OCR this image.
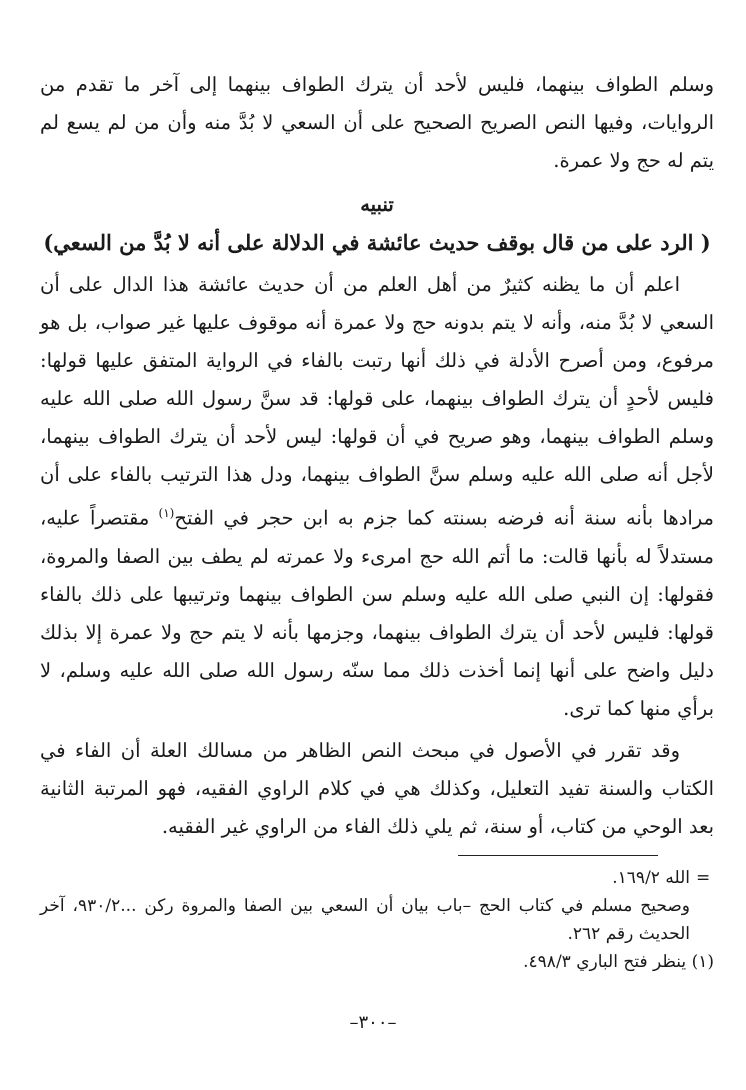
وسلم الطواف بينهما، فليس لأحد أن يترك الطواف بينهما إلى آخر ما تقدم من الروايات، وفيها النص الصريح الصحيح على أن السعي لا بُدَّ منه وأن من لم يسع لم يتم له حج ولا عمرة.

تنبيه
( الرد على من قال بوقف حديث عائشة في الدلالة على أنه لا بُدَّ من السعي)

اعلم أن ما يظنه كثيرٌ من أهل العلم من أن حديث عائشة هذا الدال على أن السعي لا بُدَّ منه، وأنه لا يتم بدونه حج ولا عمرة أنه موقوف عليها غير صواب، بل هو مرفوع، ومن أصرح الأدلة في ذلك أنها رتبت بالفاء في الرواية المتفق عليها قولها: فليس لأحدٍ أن يترك الطواف بينهما، على قولها: قد سنَّ رسول الله صلى الله عليه وسلم الطواف بينهما، وهو صريح في أن قولها: ليس لأحد أن يترك الطواف بينهما، لأجل أنه صلى الله عليه وسلم سنَّ الطواف بينهما، ودل هذا الترتيب بالفاء على أن مرادها بأنه سنة أنه فرضه بسنته كما جزم به ابن حجر في الفتح$^{(١)}$ مقتصراً عليه، مستدلاً له بأنها قالت: ما أتم الله حج امرىء ولا عمرته لم يطف بين الصفا والمروة، فقولها: إن النبي صلى الله عليه وسلم سن الطواف بينهما وترتيبها على ذلك بالفاء قولها: فليس لأحد أن يترك الطواف بينهما، وجزمها بأنه لا يتم حج ولا عمرة إلا بذلك دليل واضح على أنها إنما أخذت ذلك مما سنّه رسول الله صلى الله عليه وسلم، لا برأي منها كما ترى.

وقد تقرر في الأصول في مبحث النص الظاهر من مسالك العلة أن الفاء في الكتاب والسنة تفيد التعليل، وكذلك هي في كلام الراوي الفقيه، فهو المرتبة الثانية بعد الوحي من كتاب، أو سنة، ثم يلي ذلك الفاء من الراوي غير الفقيه.

=

الله ١٦٩/٢.

وصحيح مسلم في كتاب الحج –باب بيان أن السعي بين الصفا والمروة ركن ...٩٣٠/٢، آخر الحديث رقم ٢٦٢.

(١) ينظر فتح الباري ٤٩٨/٣.

–٣٠٠–
